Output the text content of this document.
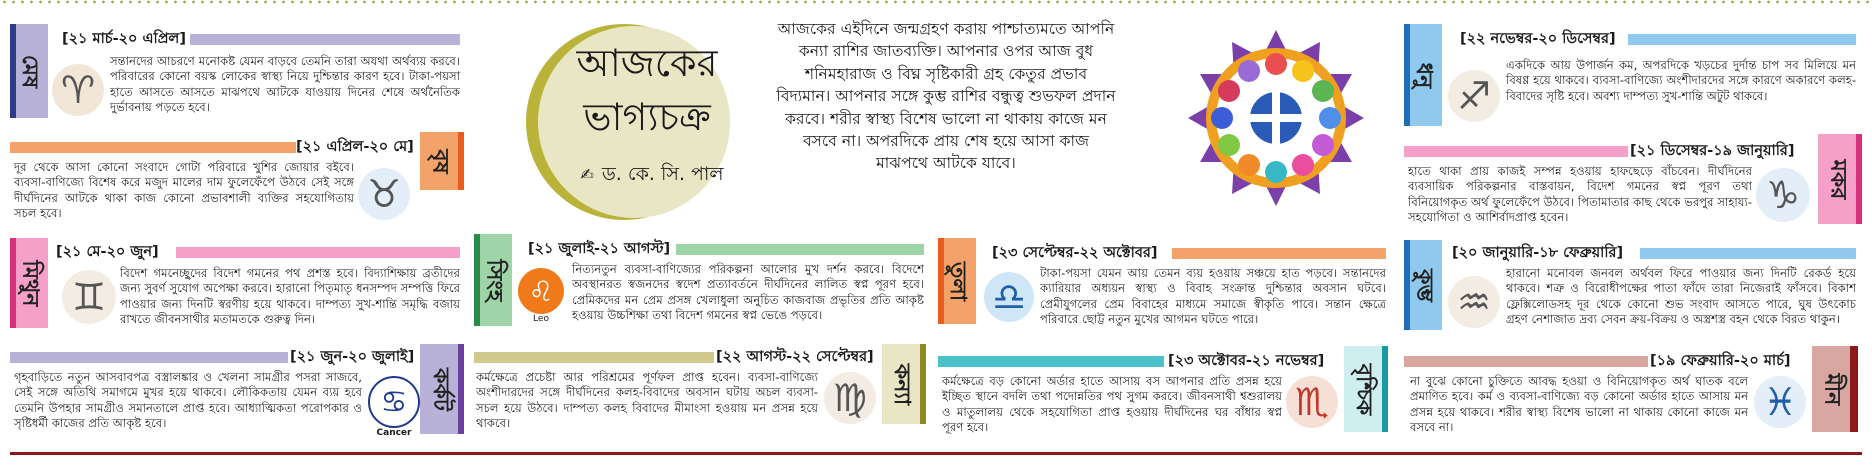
মেষ
[২১ মার্চ-২০ এপ্রিল]
♈
সন্তানদের আচরণে মনোকষ্ট যেমন বাড়বে তেমনি তারা অযথা অর্থব্যয় করবে। পরিবারের কোনো বয়স্ক লোকের স্বাস্থ্য নিয়ে দুশ্চিন্তার কারণ হবে। টাকা-পয়সা হাতে আসতে আসতে মাঝপথে আটকে যাওয়ায় দিনের শেষে অর্থনৈতিক দুর্ভাবনায় পড়তে হবে।
[২১ এপ্রিল-২০ মে]
বৃষ
দূর থেকে আসা কোনো সংবাদে গোটা পরিবারে খুশির জোয়ার বইবে। ব্যবসা-বাণিজ্যে বিশেষ করে মজুদ মালের দাম ফুলেফেঁপে উঠবে সেই সঙ্গে দীর্ঘদিনের আটকে থাকা কাজ কোনো প্রভাবশালী ব্যক্তির সহযোগিতায় সচল হবে।	♉
মিথুন
[২১ মে-২০ জুন]
♊
বিদেশ গমনেচ্ছুদের বিদেশ গমনের পথ প্রশস্ত হবে। বিদ্যাশিক্ষায় ব্রতীদের জন্য সুবর্ণ সুযোগ অপেক্ষা করবে। হারানো পিতৃমাতৃ ধনসম্পদ সম্পত্তি ফিরে পাওয়ার জন্য দিনটি স্বরণীয় হয়ে থাকবে। দাম্পত্য সুখ-শান্তি সমৃদ্ধি বজায় রাখতে জীবনসাথীর মতামতকে গুরুত্ব দিন।
[২১ জুন-২০ জুলাই]
কর্কট
গৃহবাড়িতে নতুন আসবাবপত্র বস্ত্রালঙ্কার ও খেলনা সামগ্রীর পসরা সাজবে, সেই সঙ্গে অতিথি সমাগমে মুখর হয়ে থাকবে। লৌকিকতায় যেমন ব্যয় হবে তেমনি উপহার সামগ্রীও সমানতালে প্রাপ্ত হবে। আধ্যাত্মিকতা পরোপকার ও সৃষ্টিধর্মী কাজের প্রতি আকৃষ্ট হবে।
♋
Cancer
আজকের
ভাগ্যচক্র
✍ ড. কে. সি. পাল
আজকের এইদিনে জন্মগ্রহণ করায় পাশ্চাত্যমতে আপনি কন্যা রাশির জাতব্যক্তি। আপনার ওপর আজ বুধ শনিমহারাজ ও বিঘ্ন সৃষ্টিকারী গ্রহ কেতুর প্রভাব বিদ্যমান। আপনার সঙ্গে কুম্ভ রাশির বন্ধুত্ব শুভফল প্রদান করবে। শরীর স্বাস্থ্য বিশেষ ভালো না থাকায় কাজে মন বসবে না। অপরদিকে প্রায় শেষ হয়ে আসা কাজ মাঝপথে আটকে যাবে।
সিংহ
[২১ জুলাই-২১ আগস্ট]
♌
Leo
নিত্যনতুন ব্যবসা-বাণিজ্যের পরিকল্পনা আলোর মুখ দর্শন করবে। বিদেশে অবস্থানরত স্বজনদের স্বদেশ প্রত্যাবর্তনে দীর্ঘদিনের লালিত স্বপ্ন পূরণ হবে। প্রেমিকদের মন প্রেম প্রসঙ্গ খেলাধুলা অনুচিত কাজবাজ প্রভৃতির প্রতি আকৃষ্ট হওয়ায় উচ্চশিক্ষা তথা বিদেশ গমনের স্বপ্ন ভেঙে পড়বে।
[২২ আগস্ট-২২ সেপ্টেম্বর]
কন্যা
কর্মক্ষেত্রে প্রচেষ্টা আর পরিশ্রমের পূর্ণফল প্রাপ্ত হবেন। ব্যবসা-বাণিজ্যে অংশীদারদের সঙ্গে দীর্ঘদিনের কলহ-বিবাদের অবসান ঘটায় অচল ব্যবসা-সচল হয়ে উঠবে। দাম্পত্য কলহ বিবাদের মীমাংসা হওয়ায় মন প্রসন্ন হয়ে থাকবে।
♍
তুলা
[২৩ সেপ্টেম্বর-২২ অক্টোবর]
♎
টাকা-পয়সা যেমন আয় তেমন ব্যয় হওয়ায় সঞ্চয়ে হাত পড়বে। সন্তানদের ক্যারিয়ার অধ্যয়ন স্বাস্থ্য ও বিবাহ সংক্রান্ত দুশ্চিন্তার অবসান ঘটবে। প্রেমীযুগলের প্রেম বিবাহের মাধ্যমে সমাজে স্বীকৃতি পাবে। সন্তান ক্ষেত্রে পরিবারে ছোট্ট নতুন মুখের আগমন ঘটতে পারে।
[২৩ অক্টোবর-২১ নভেম্বর]
বৃশ্চিক
কর্মক্ষেত্রে বড় কোনো অর্ডার হাতে আসায় বস আপনার প্রতি প্রসন্ন হয়ে ইচ্ছিত স্থানে বদলি তথা পদোন্নতির পথ সুগম করবে। জীবনসাথী শ্বশুরালয় ও মাতুলালয় থেকে সহযোগিতা প্রাপ্ত হওয়ায় দীর্ঘদিনের ঘর বাঁধার স্বপ্ন পূরণ হবে।
♏
ধনু
[২২ নভেম্বর-২০ ডিসেম্বর]
♐
একদিকে আয় উপার্জন কম, অপরদিকে খড়চের দুর্দান্ত চাপ সব মিলিয়ে মন বিষণ্ণ হয়ে থাকবে। ব্যবসা-বাণিজ্যে অংশীদারদের সঙ্গে কারণে অকারণে কলহ-বিবাদের সৃষ্টি হবে। অবশ্য দাম্পত্য সুখ-শান্তি অটুট থাকবে।
[২১ ডিসেম্বর-১৯ জানুয়ারি]
মকর
হাতে থাকা প্রায় কাজই সম্পন্ন হওয়ায় হাফছেড়ে বাঁচবেন। দীর্ঘদিনের ব্যবসায়িক পরিকল্পনার বাস্তবায়ন, বিদেশ গমনের স্বপ্ন পূরণ তথা বিনিয়োগকৃত অর্থ ফুলেফেঁপে উঠবে। পিতামাতার কাছ থেকে ভরপুর সাহায্য-সহযোগিতা ও আশির্বাদপ্রাপ্ত হবেন।
♑
কুম্ভ
[২০ জানুয়ারি-১৮ ফেব্রুয়ারি]
♒
হারানো মনোবল জনবল অর্থবল ফিরে পাওয়ার জন্য দিনটি রেকর্ড হয়ে থাকবে। শত্রু ও বিরোধীপক্ষের পাতা ফাঁদে তারা নিজেরাই ফাঁসবে। বিকাশ ফ্লেক্সিলোডসহ দূর থেকে কোনো শুভ সংবাদ আসতে পারে, ঘুষ উৎকোচ গ্রহণ নেশাজাত দ্রব্য সেবন ক্রয়-বিক্রয় ও অস্ত্রশস্ত্র বহন থেকে বিরত থাকুন।
[১৯ ফেব্রুয়ারি-২০ মার্চ]
মীন
না বুঝে কোনো চুক্তিতে আবদ্ধ হওয়া ও বিনিয়োগকৃত অর্থ ঘাতক বলে প্রমাণিত হবে। কর্ম ও ব্যবসা-বাণিজ্যে বড় কোনো অর্ডার হাতে আসায় মন প্রসন্ন হয়ে থাকবে। শরীর স্বাস্থ্য বিশেষ ভালো না থাকায় কোনো কাজে মন বসবে না।
♓
